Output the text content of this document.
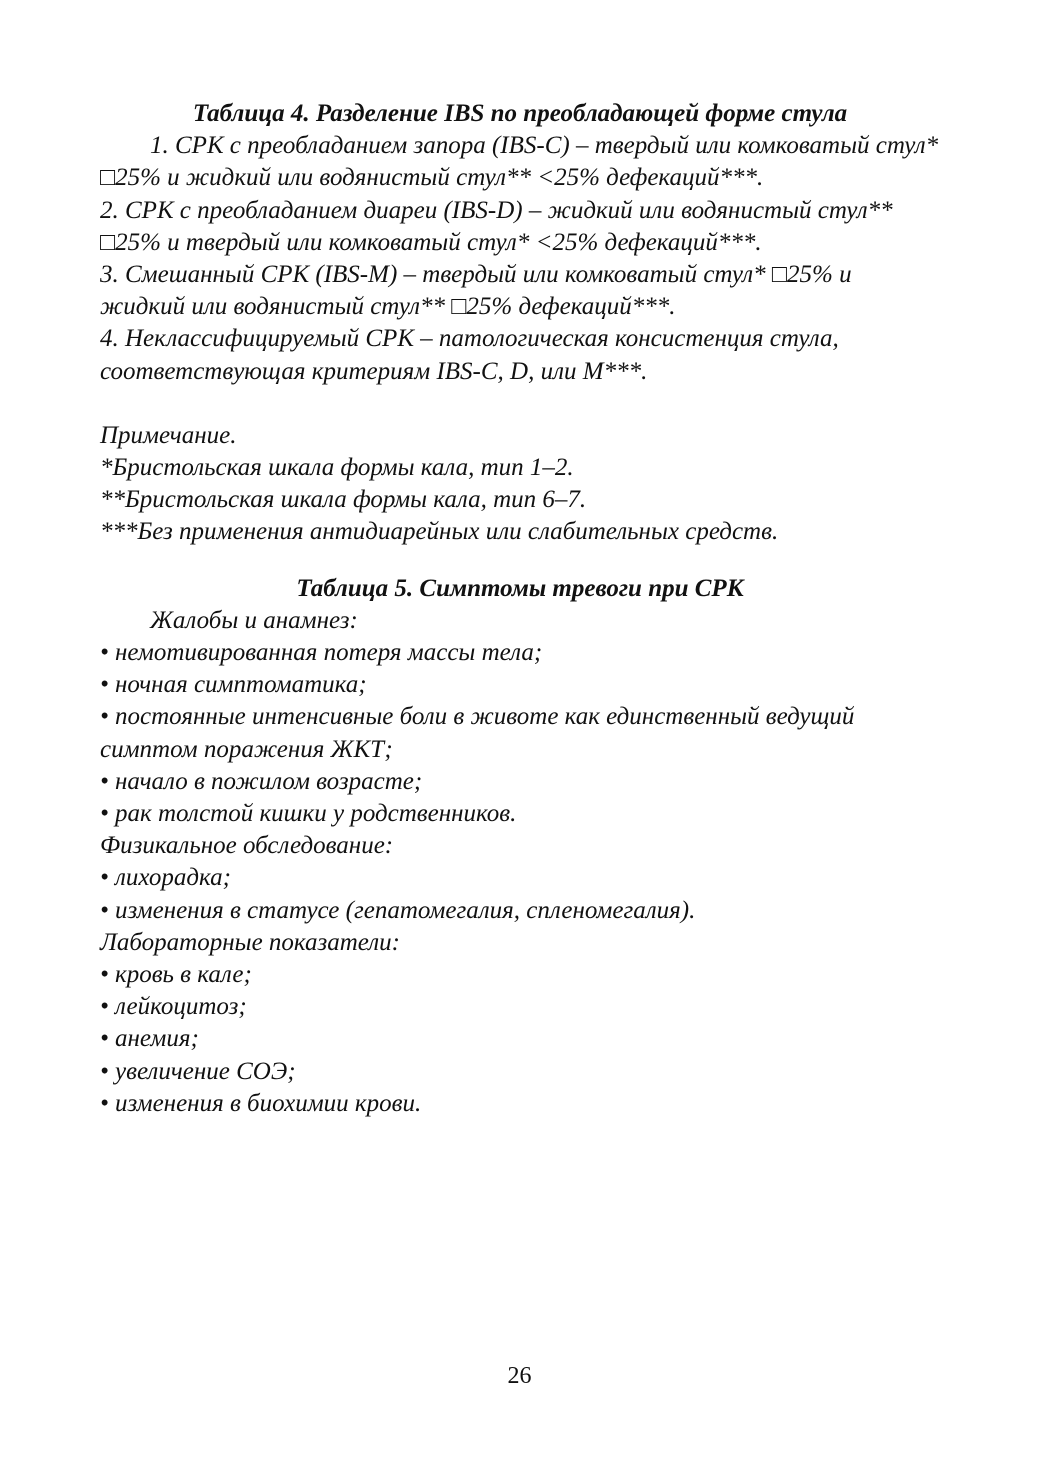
Таблица 4. Разделение IBS по преобладающей форме стула

1. СРК с преобладанием запора (IBS-C) – твердый или комковатый стул* □25% и жидкий или водянистый стул** <25% дефекаций***.

2. СРК с преобладанием диареи (IBS-D) – жидкий или водянистый стул** □25% и твердый или комковатый стул* <25% дефекаций***.

3. Смешанный СРК (IBS-M) – твердый или комковатый стул* □25% и жидкий или водянистый стул** □25% дефекаций***.

4. Неклассифицируемый СРК – патологическая консистенция стула, соответствующая критериям IBS-C, D, или M***.

Примечание.

*Бристольская шкала формы кала, тип 1–2.

**Бристольская шкала формы кала, тип 6–7.

***Без применения антидиарейных или слабительных средств.

Таблица 5. Симптомы тревоги при СРК

Жалобы и анамнез:

• немотивированная потеря массы тела;

• ночная симптоматика;

• постоянные интенсивные боли в животе как единственный ведущий симптом поражения ЖКТ;

• начало в пожилом возрасте;

• рак толстой кишки у родственников.

Физикальное обследование:

• лихорадка;

• изменения в статусе (гепатомегалия, спленомегалия).

Лабораторные показатели:

• кровь в кале;

• лейкоцитоз;

• анемия;

• увеличение СОЭ;

• изменения в биохимии крови.

26
